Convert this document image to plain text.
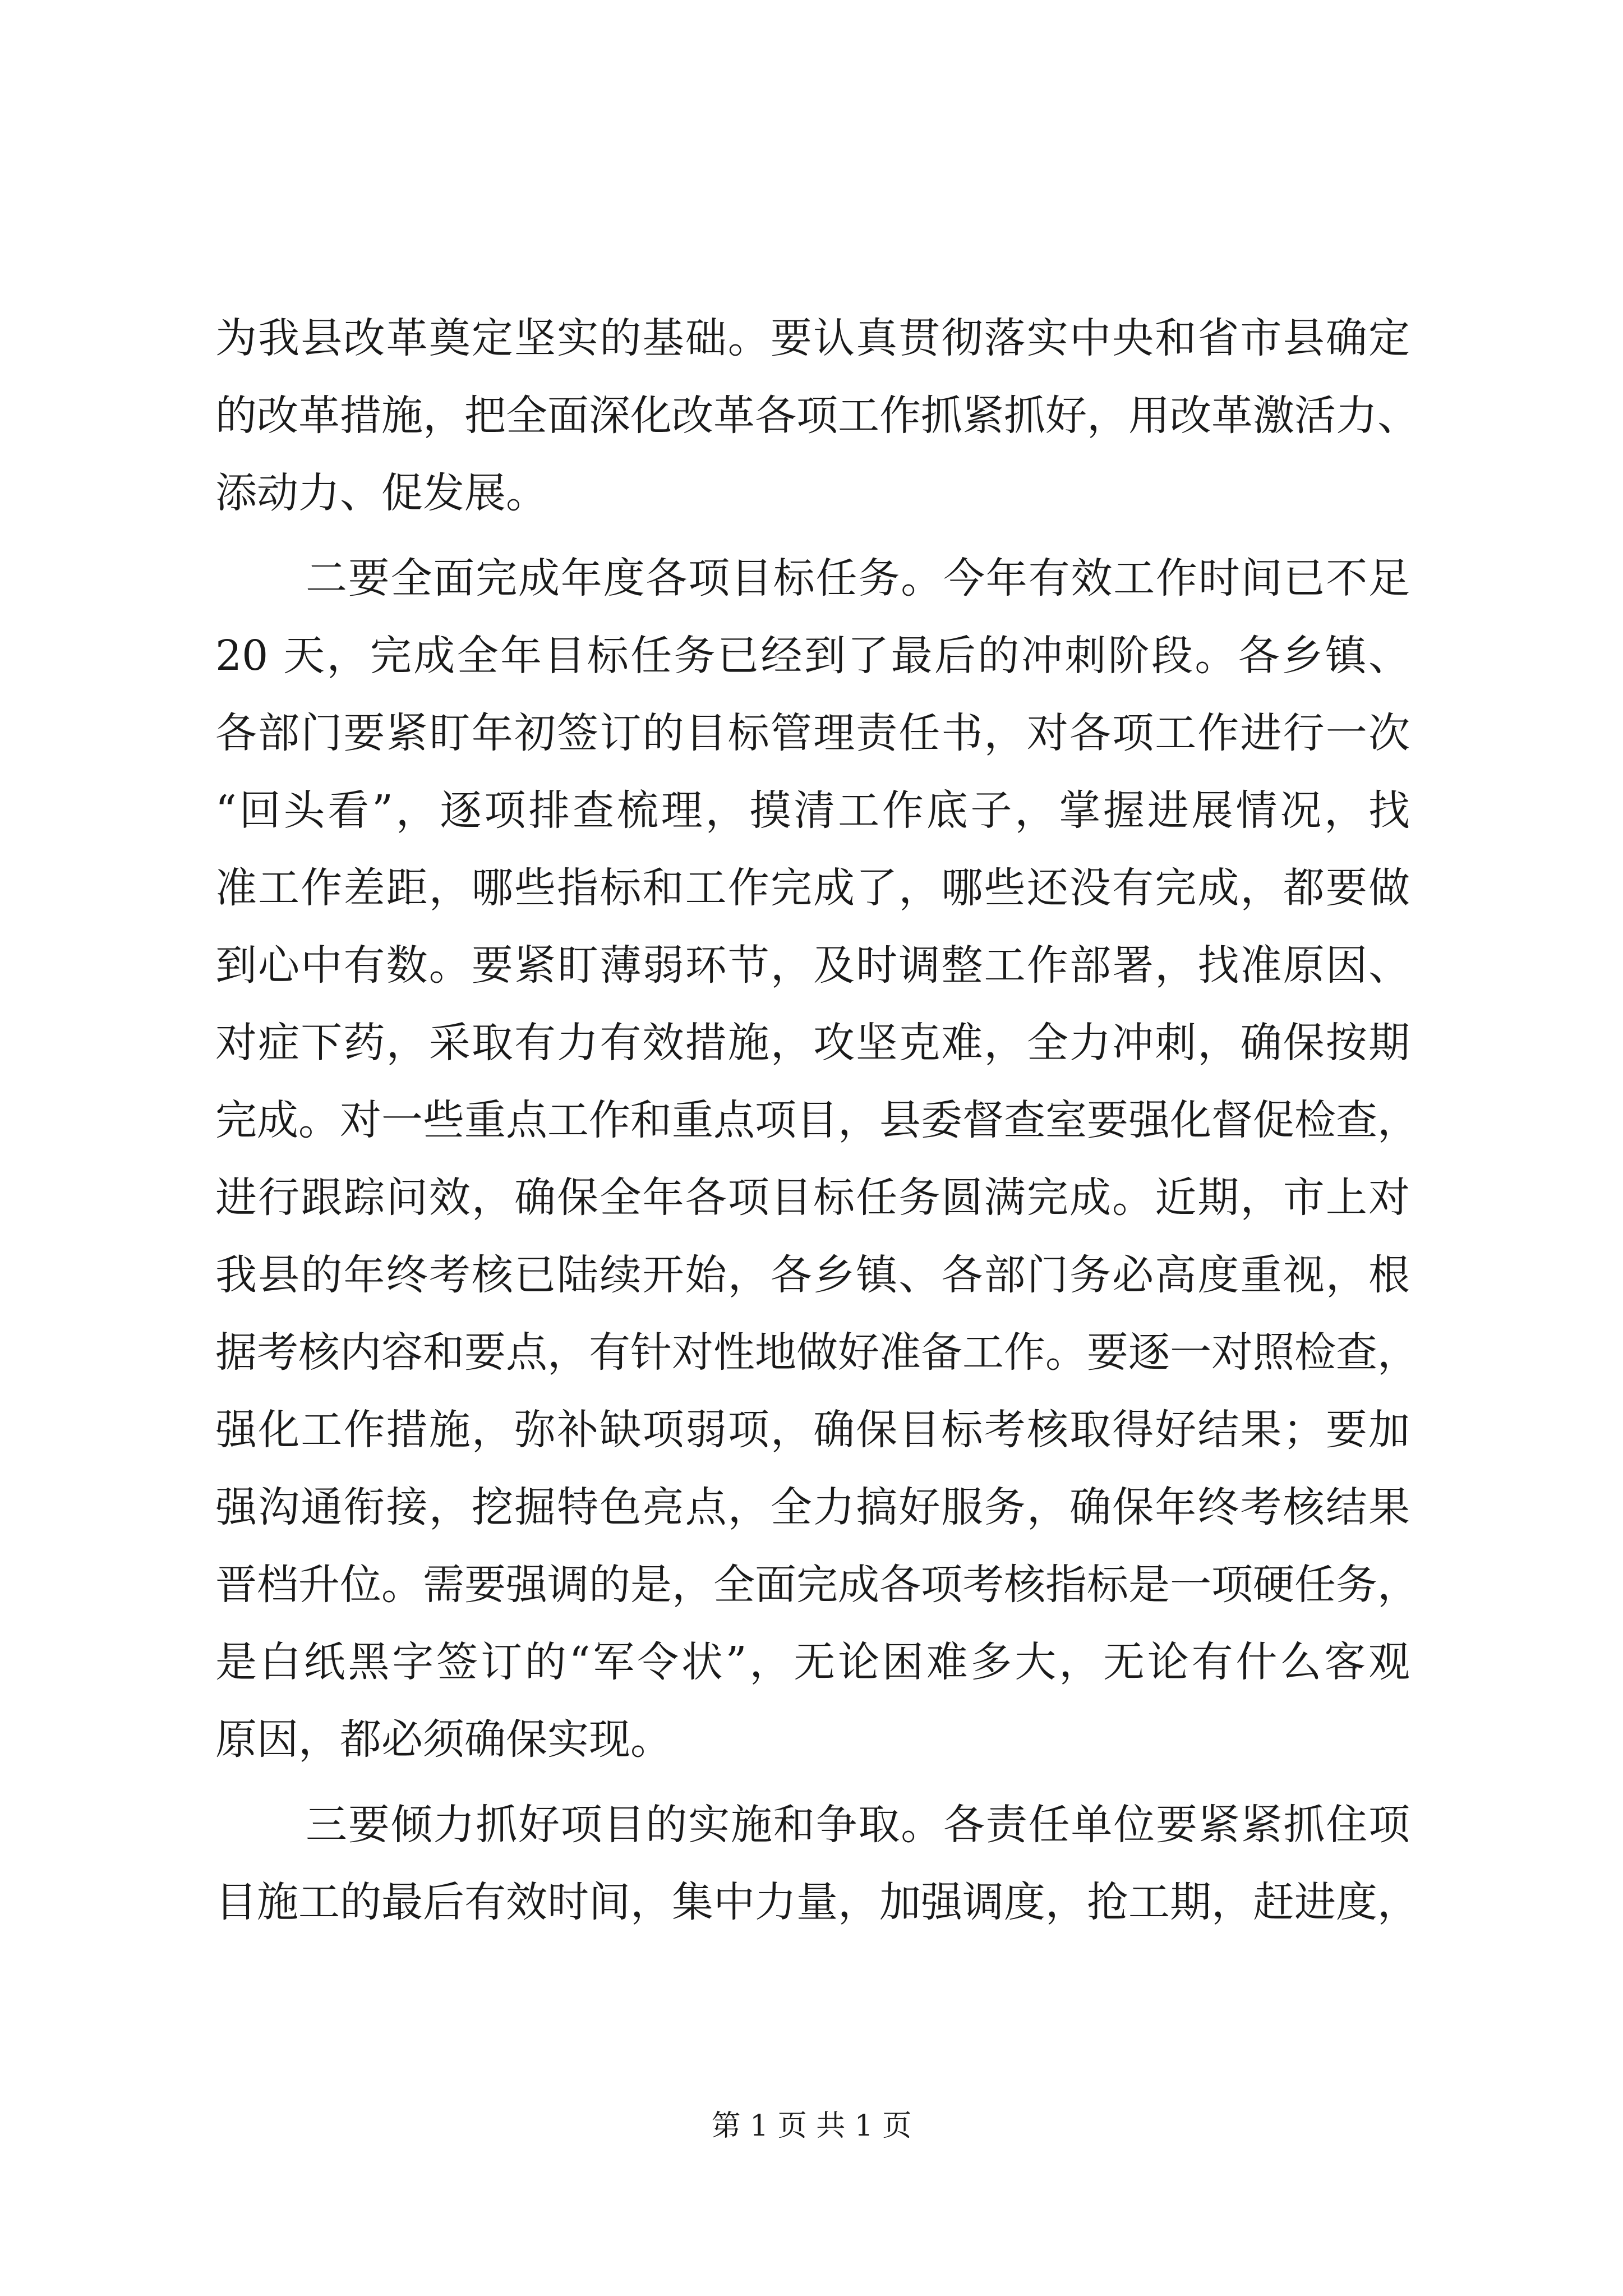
为我县改革奠定坚实的基础。要认真贯彻落实中央和省市县确定
的改革措施，把全面深化改革各项工作抓紧抓好，用改革激活力、
添动力、促发展。
二要全面完成年度各项目标任务。今年有效工作时间已不足
20 天，完成全年目标任务已经到了最后的冲刺阶段。各乡镇、
各部门要紧盯年初签订的目标管理责任书，对各项工作进行一次
“回头看”，逐项排查梳理，摸清工作底子，掌握进展情况，找
准工作差距，哪些指标和工作完成了，哪些还没有完成，都要做
到心中有数。要紧盯薄弱环节，及时调整工作部署，找准原因、
对症下药，采取有力有效措施，攻坚克难，全力冲刺，确保按期
完成。对一些重点工作和重点项目，县委督查室要强化督促检查，
进行跟踪问效，确保全年各项目标任务圆满完成。近期，市上对
我县的年终考核已陆续开始，各乡镇、各部门务必高度重视，根
据考核内容和要点，有针对性地做好准备工作。要逐一对照检查，
强化工作措施，弥补缺项弱项，确保目标考核取得好结果；要加
强沟通衔接，挖掘特色亮点，全力搞好服务，确保年终考核结果
晋档升位。需要强调的是，全面完成各项考核指标是一项硬任务，
是白纸黑字签订的“军令状”，无论困难多大，无论有什么客观
原因，都必须确保实现。
三要倾力抓好项目的实施和争取。各责任单位要紧紧抓住项
目施工的最后有效时间，集中力量，加强调度，抢工期，赶进度，
第 1 页 共 1 页
